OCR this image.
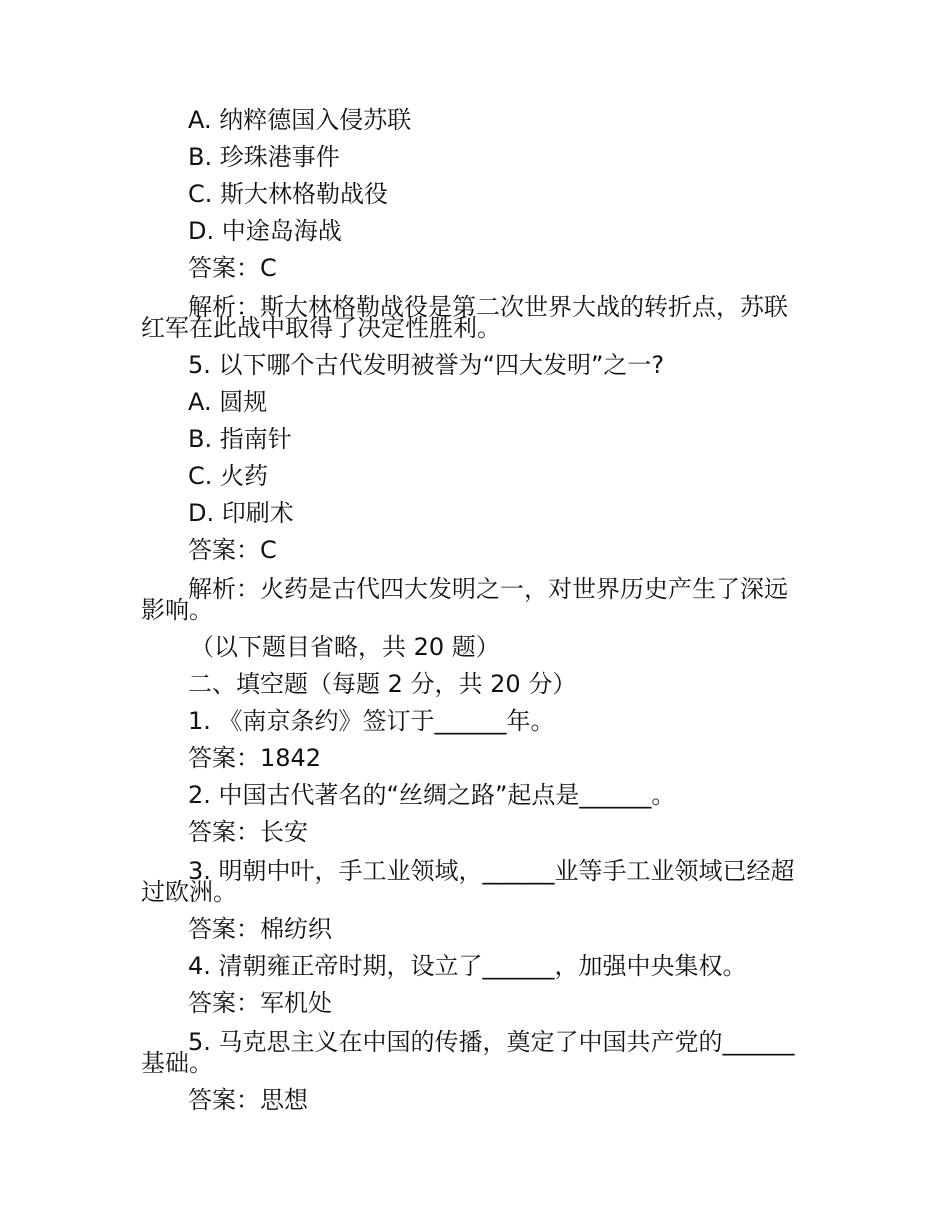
A. 纳粹德国入侵苏联

B. 珍珠港事件

C. 斯大林格勒战役

D. 中途岛海战

答案：C

解析：斯大林格勒战役是第二次世界大战的转折点，苏联

红军在此战中取得了决定性胜利。

5. 以下哪个古代发明被誉为“四大发明”之一?

A. 圆规

B. 指南针

C. 火药

D. 印刷术

答案：C

解析：火药是古代四大发明之一，对世界历史产生了深远

影响。

（以下题目省略，共 20 题）

二、填空题（每题 2 分，共 20 分）

1. 《南京条约》签订于______年。

答案：1842

2. 中国古代著名的“丝绸之路”起点是______。

答案：长安

3. 明朝中叶，手工业领域，______业等手工业领域已经超

过欧洲。

答案：棉纺织

4. 清朝雍正帝时期，设立了______，加强中央集权。

答案：军机处

5. 马克思主义在中国的传播，奠定了中国共产党的______

基础。

答案：思想
